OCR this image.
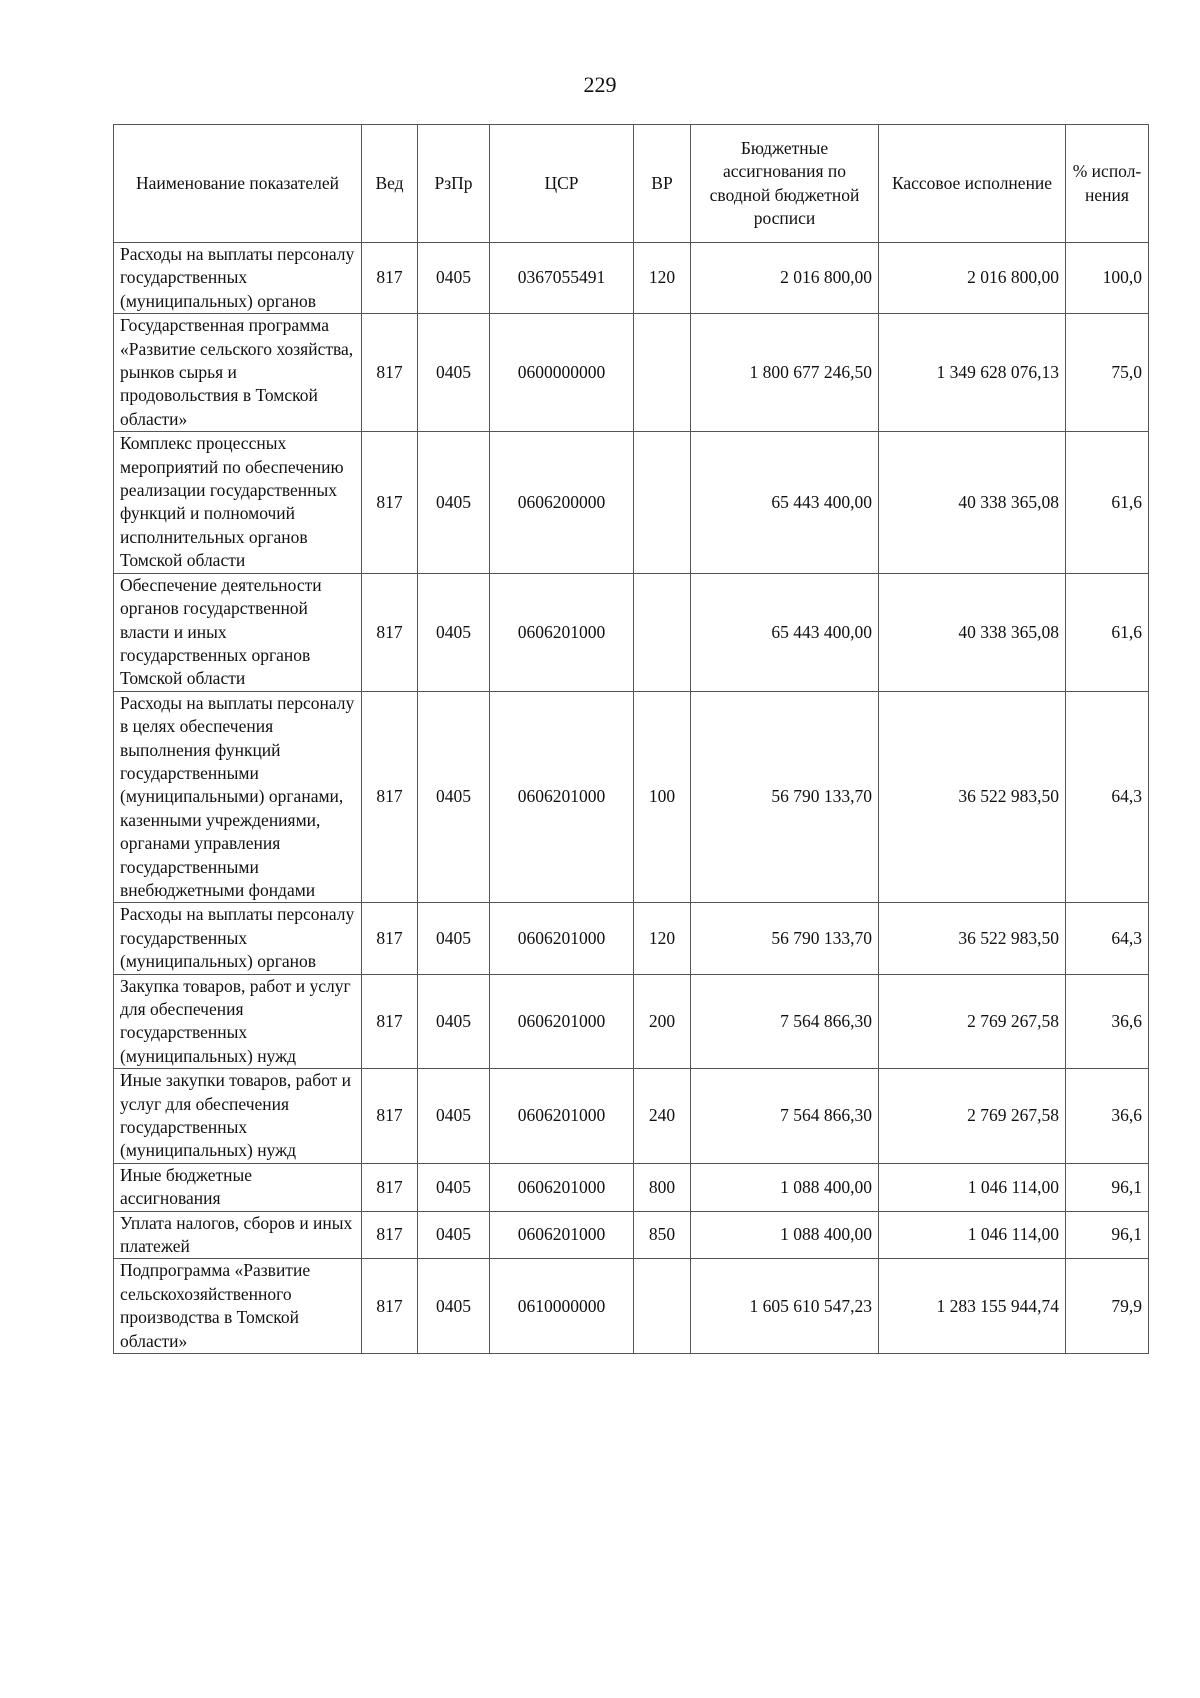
229
Наименование показателей	Вед	РзПр	ЦСР	ВР	Бюджетные ассигнования по сводной бюджетной росписи	Кассовое исполнение	% испол-нения
Расходы на выплаты персоналу государственных (муниципальных) органов	817	0405	0367055491	120	2 016 800,00	2 016 800,00	100,0
Государственная программа «Развитие сельского хозяйства, рынков сырья и продовольствия в Томской области»	817	0405	0600000000		1 800 677 246,50	1 349 628 076,13	75,0
Комплекс процессных мероприятий по обеспечению реализации государственных функций и полномочий исполнительных органов Томской области	817	0405	0606200000		65 443 400,00	40 338 365,08	61,6
Обеспечение деятельности органов государственной власти и иных государственных органов Томской области	817	0405	0606201000		65 443 400,00	40 338 365,08	61,6
Расходы на выплаты персоналу в целях обеспечения выполнения функций государственными (муниципальными) органами, казенными учреждениями, органами управления государственными внебюджетными фондами	817	0405	0606201000	100	56 790 133,70	36 522 983,50	64,3
Расходы на выплаты персоналу государственных (муниципальных) органов	817	0405	0606201000	120	56 790 133,70	36 522 983,50	64,3
Закупка товаров, работ и услуг для обеспечения государственных (муниципальных) нужд	817	0405	0606201000	200	7 564 866,30	2 769 267,58	36,6
Иные закупки товаров, работ и услуг для обеспечения государственных (муниципальных) нужд	817	0405	0606201000	240	7 564 866,30	2 769 267,58	36,6
Иные бюджетные ассигнования	817	0405	0606201000	800	1 088 400,00	1 046 114,00	96,1
Уплата налогов, сборов и иных платежей	817	0405	0606201000	850	1 088 400,00	1 046 114,00	96,1
Подпрограмма «Развитие сельскохозяйственного производства в Томской области»	817	0405	0610000000		1 605 610 547,23	1 283 155 944,74	79,9
